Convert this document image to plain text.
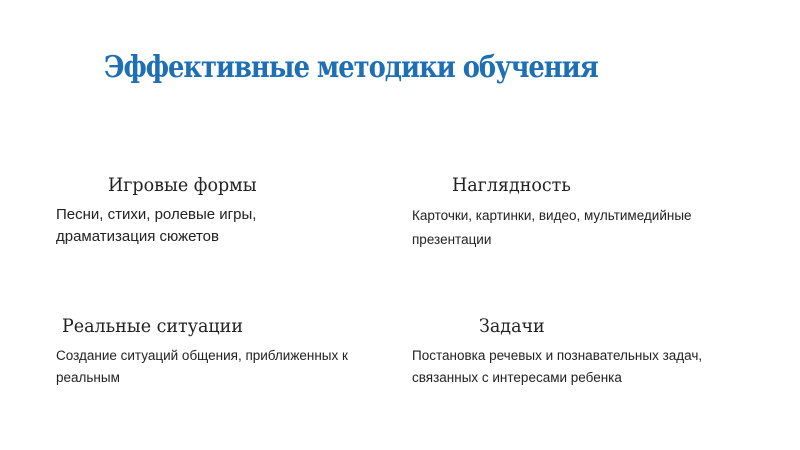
Эффективные методики обучения
Игровые формы
Песни, стихи, ролевые игры, драматизация сюжетов
Наглядность
Карточки, картинки, видео, мультимедийные презентации
Реальные ситуации
Создание ситуаций общения, приближенных к реальным
Задачи
Постановка речевых и познавательных задач, связанных с интересами ребенка
